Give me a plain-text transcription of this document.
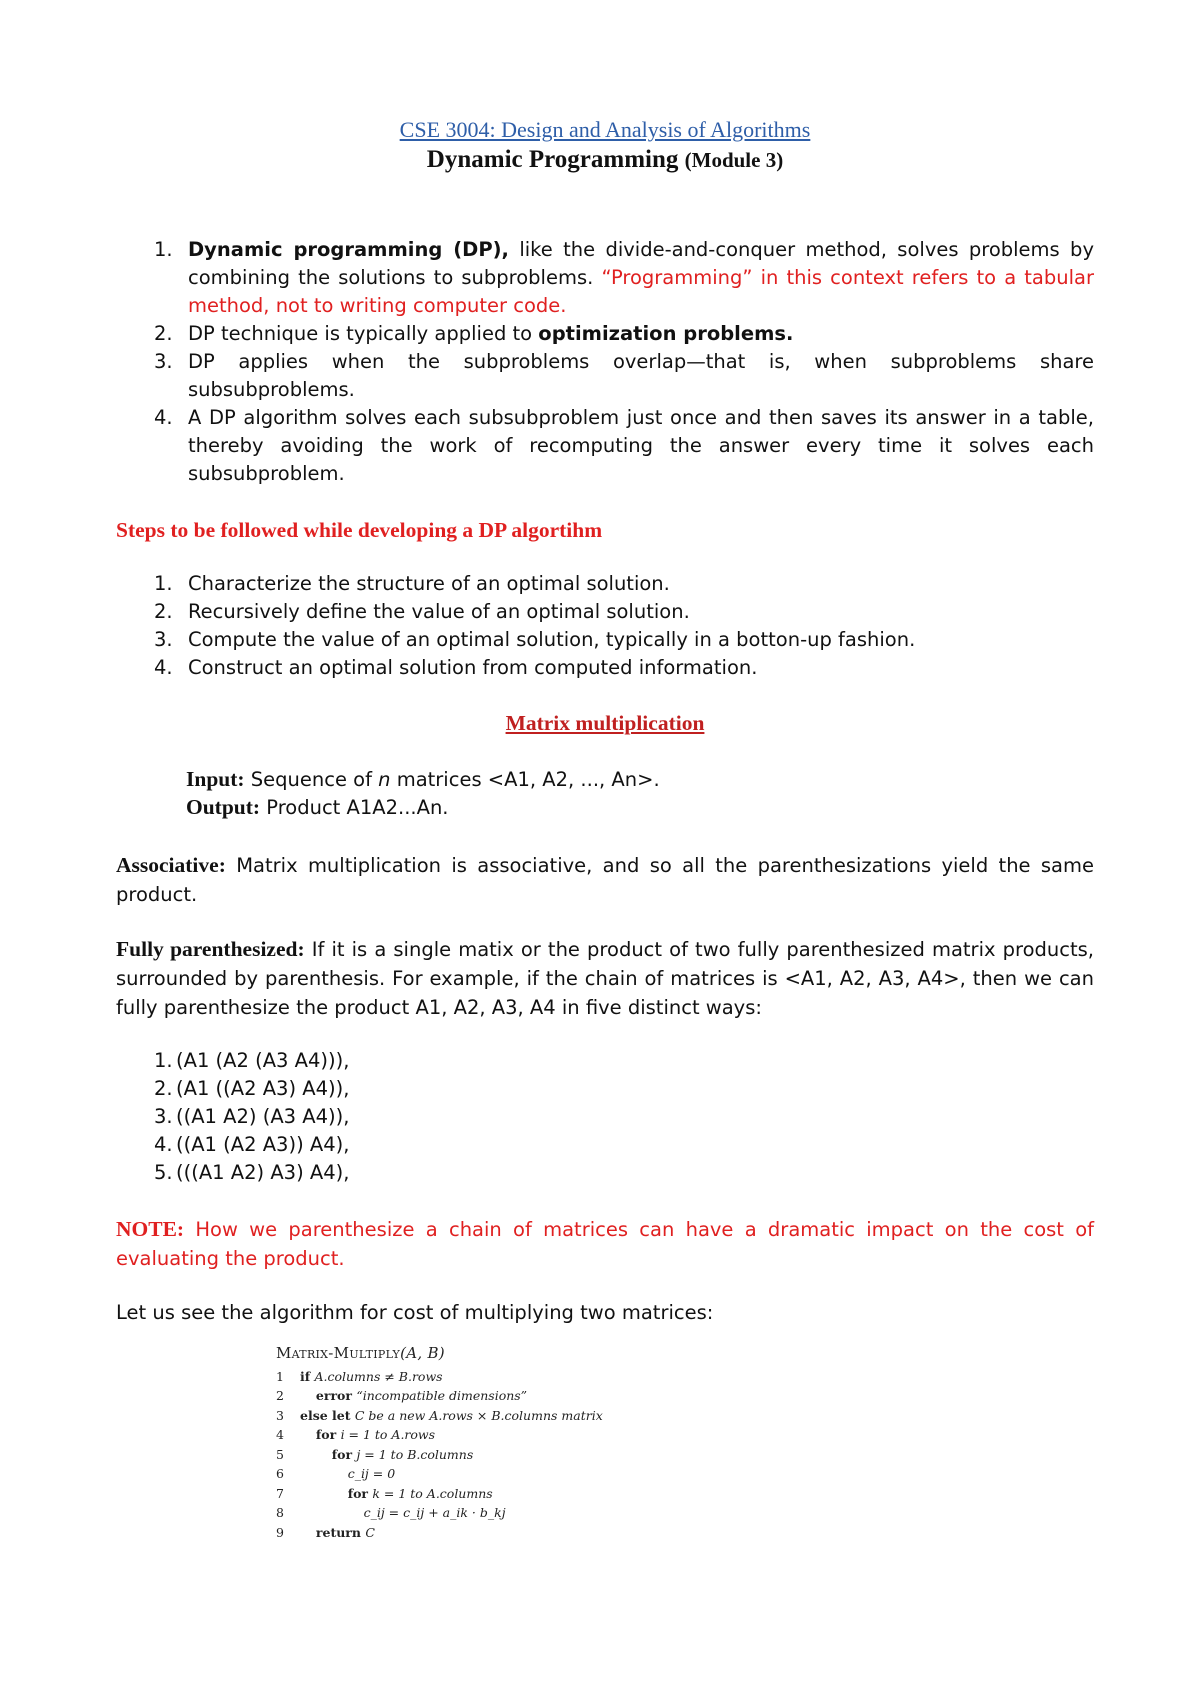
CSE 3004: Design and Analysis of Algorithms
Dynamic Programming (Module 3)
1. Dynamic programming (DP), like the divide-and-conquer method, solves problems by combining the solutions to subproblems. “Programming” in this context refers to a tabular method, not to writing computer code.
2. DP technique is typically applied to optimization problems.
3. DP applies when the subproblems overlap—that is, when subproblems share subsubproblems.
4. A DP algorithm solves each subsubproblem just once and then saves its answer in a table, thereby avoiding the work of recomputing the answer every time it solves each subsubproblem.
Steps to be followed while developing a DP algortihm
1. Characterize the structure of an optimal solution.
2. Recursively define the value of an optimal solution.
3. Compute the value of an optimal solution, typically in a botton-up fashion.
4. Construct an optimal solution from computed information.
Matrix multiplication
Input: Sequence of n matrices <A1, A2, ..., An>.
Output: Product A1A2...An.
Associative: Matrix multiplication is associative, and so all the parenthesizations yield the same product.
Fully parenthesized: If it is a single matix or the product of two fully parenthesized matrix products, surrounded by parenthesis. For example, if the chain of matrices is <A1, A2, A3, A4>, then we can fully parenthesize the product A1, A2, A3, A4 in five distinct ways:
1. (A1 (A2 (A3 A4))),
2. (A1 ((A2 A3) A4)),
3. ((A1 A2) (A3 A4)),
4. ((A1 (A2 A3)) A4),
5. (((A1 A2) A3) A4),
NOTE: How we parenthesize a chain of matrices can have a dramatic impact on the cost of evaluating the product.
Let us see the algorithm for cost of multiplying two matrices:
Matrix-Multiply(A, B)
1 if A.columns ≠ B.rows
2	error “incompatible dimensions”
3 else let C be a new A.rows × B.columns matrix
4	for i = 1 to A.rows
5	for j = 1 to B.columns
6	c_ij = 0
7	for k = 1 to A.columns
8	c_ij = c_ij + a_ik · b_kj
9	return C
